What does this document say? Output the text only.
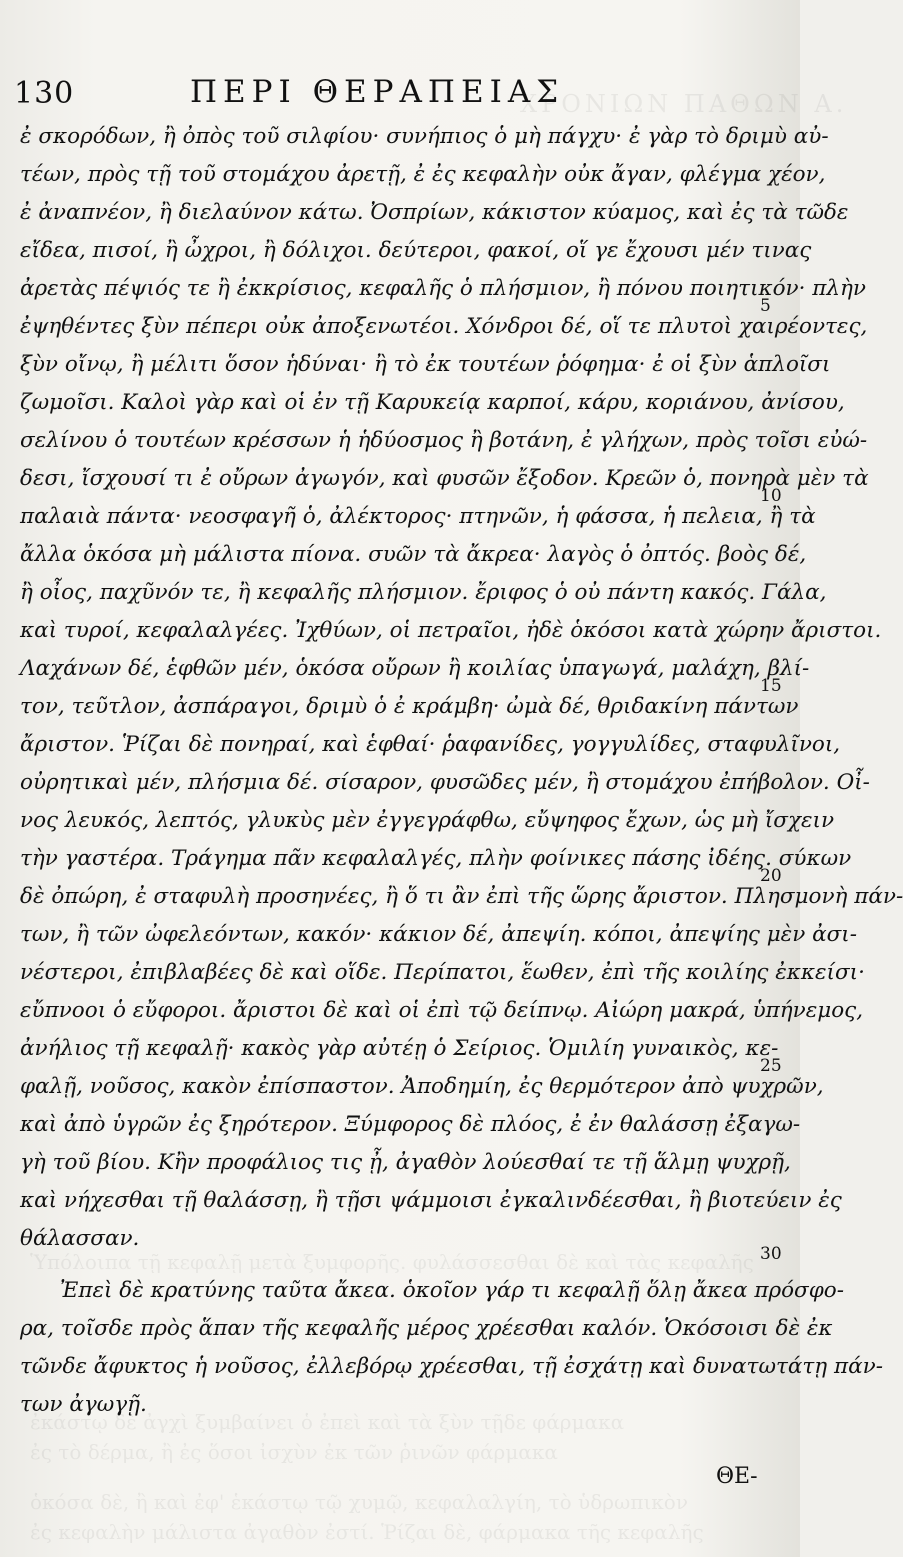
ΧΡΟΝΙΩΝ ΠΑΘΩΝ Α.
Ὑπόλοιπα τῇ κεφαλῇ μετὰ ξυμφορῆς. φυλάσσεσθαι δὲ καὶ τὰς κεφαλῆς
ἐκάστῳ δὲ ἀγχὶ ξυμβαίνει ὁ ἐπεὶ καὶ τὰ ξὺν τῇδε φάρμακα
ἐς τὸ δέρμα, ἢ ἐς ὅσοι ἰσχὺν ἐκ τῶν ῥινῶν φάρμακα
ὁκόσα δὲ, ἢ καὶ ἐφ' ἑκάστῳ τῷ χυμῷ, κεφαλαλγίη, τὸ ὑδρωπικὸν
ἐς κεφαλὴν μάλιστα ἀγαθὸν ἐστί. Ῥίζαι δὲ, φάρμακα τῆς κεφαλῆς
130	ΠΕΡΙ ΘΕΡΑΠΕΙΑΣ
ἐ σκορόδων, ἢ ὀπὸς τοῦ σιλφίου· συνήπιος ὁ μὴ πάγχυ· ἐ γὰρ τὸ δριμὺ αὐ-
τέων, πρὸς τῇ τοῦ στομάχου ἀρετῇ, ἐ ἐς κεφαλὴν οὐκ ἄγαν, φλέγμα χέον,
ἐ ἀναπνέον, ἢ διελαύνον κάτω. Ὀσπρίων, κάκιστον κύαμος, καὶ ἐς τὰ τῶδε
εἴδεα, πισοί, ἢ ὦχροι, ἢ δόλιχοι. δεύτεροι, φακοί, οἵ γε ἔχουσι μέν τινας
ἀρετὰς πέψιός τε ἢ ἐκκρίσιος, κεφαλῆς ὁ πλήσμιον, ἢ πόνου ποιητικόν· πλὴν
ἐψηθέντες ξὺν πέπερι οὐκ ἀποξενωτέοι. Χόνδροι δέ, οἵ τε πλυτοὶ χαιρέοντες,
ξὺν οἴνῳ, ἢ μέλιτι ὅσον ἡδύναι· ἢ τὸ ἐκ τουτέων ῥόφημα· ἐ οἱ ξὺν ἁπλοῖσι
ζωμοῖσι. Καλοὶ γὰρ καὶ οἱ ἐν τῇ Καρυκείᾳ καρποί, κάρυ, κοριάνου, ἀνίσου,
σελίνου ὁ τουτέων κρέσσων ἡ ἡδύοσμος ἢ βοτάνη, ἐ γλήχων, πρὸς τοῖσι εὐώ-
δεσι, ἴσχουσί τι ἐ οὔρων ἀγωγόν, καὶ φυσῶν ἔξοδον. Κρεῶν ὁ, πονηρὰ μὲν τὰ
παλαιὰ πάντα· νεοσφαγῆ ὁ, ἀλέκτορος· πτηνῶν, ἡ φάσσα, ἡ πελεια, ἢ τὰ
ἄλλα ὁκόσα μὴ μάλιστα πίονα. συῶν τὰ ἄκρεα· λαγὸς ὁ ὀπτός. βοὸς δέ,
ἢ οἶος, παχῦνόν τε, ἢ κεφαλῆς πλήσμιον. ἔριφος ὁ οὐ πάντη κακός. Γάλα,
καὶ τυροί, κεφαλαλγέες. Ἰχθύων, οἱ πετραῖοι, ἠδὲ ὁκόσοι κατὰ χώρην ἄριστοι.
Λαχάνων δέ, ἑφθῶν μέν, ὁκόσα οὔρων ἢ κοιλίας ὑπαγωγά, μαλάχη, βλί-
τον, τεῦτλον, ἀσπάραγοι, δριμὺ ὁ ἐ κράμβη· ὠμὰ δέ, θριδακίνη πάντων
ἄριστον. Ῥίζαι δὲ πονηραί, καὶ ἑφθαί· ῥαφανίδες, γογγυλίδες, σταφυλῖνοι,
οὐρητικαὶ μέν, πλήσμια δέ. σίσαρον, φυσῶδες μέν, ἢ στομάχου ἐπήβολον. Οἶ-
νος λευκός, λεπτός, γλυκὺς μὲν ἐγγεγράφθω, εὔψηφος ἔχων, ὡς μὴ ἴσχειν
τὴν γαστέρα. Τράγημα πᾶν κεφαλαλγές, πλὴν φοίνικες πάσης ἰδέης. σύκων
δὲ ὀπώρη, ἐ σταφυλὴ προσηνέες, ἢ ὅ τι ἂν ἐπὶ τῆς ὥρης ἄριστον. Πλησμονὴ πάν-
των, ἢ τῶν ὠφελεόντων, κακόν· κάκιον δέ, ἀπεψίη. κόποι, ἀπεψίης μὲν ἀσι-
νέστεροι, ἐπιβλαβέες δὲ καὶ οἵδε. Περίπατοι, ἕωθεν, ἐπὶ τῆς κοιλίης ἐκκείσι·
εὔπνοοι ὁ εὔφοροι. ἄριστοι δὲ καὶ οἱ ἐπὶ τῷ δείπνῳ. Αἰώρη μακρά, ὑπήνεμος,
ἀνήλιος τῇ κεφαλῇ· κακὸς γὰρ αὐτέῃ ὁ Σείριος. Ὁμιλίη γυναικὸς, κε-
φαλῇ, νοῦσος, κακὸν ἐπίσπαστον. Ἀποδημίη, ἐς θερμότερον ἀπὸ ψυχρῶν,
καὶ ἀπὸ ὑγρῶν ἐς ξηρότερον. Ξύμφορος δὲ πλόος, ἐ ἐν θαλάσσῃ ἐξαγω-
γὴ τοῦ βίου. Κἢν προφάλιος τις ᾖ, ἀγαθὸν λούεσθαί τε τῇ ἅλμῃ ψυχρῇ,
καὶ νήχεσθαι τῇ θαλάσσῃ, ἢ τῇσι ψάμμοισι ἐγκαλινδέεσθαι, ἢ βιοτεύειν ἐς
θάλασσαν.
Ἐπεὶ δὲ κρατύνης ταῦτα ἄκεα. ὁκοῖον γάρ τι κεφαλῇ ὅλῃ ἄκεα πρόσφο-
ρα, τοῖσδε πρὸς ἅπαν τῆς κεφαλῆς μέρος χρέεσθαι καλόν. Ὁκόσοισι δὲ ἐκ
τῶνδε ἄφυκτος ἡ νοῦσος, ἐλλεβόρῳ χρέεσθαι, τῇ ἐσχάτῃ καὶ δυνατωτάτῃ πάν-
των ἀγωγῇ.
5
10
15
20
25
30
ΘΕ-
